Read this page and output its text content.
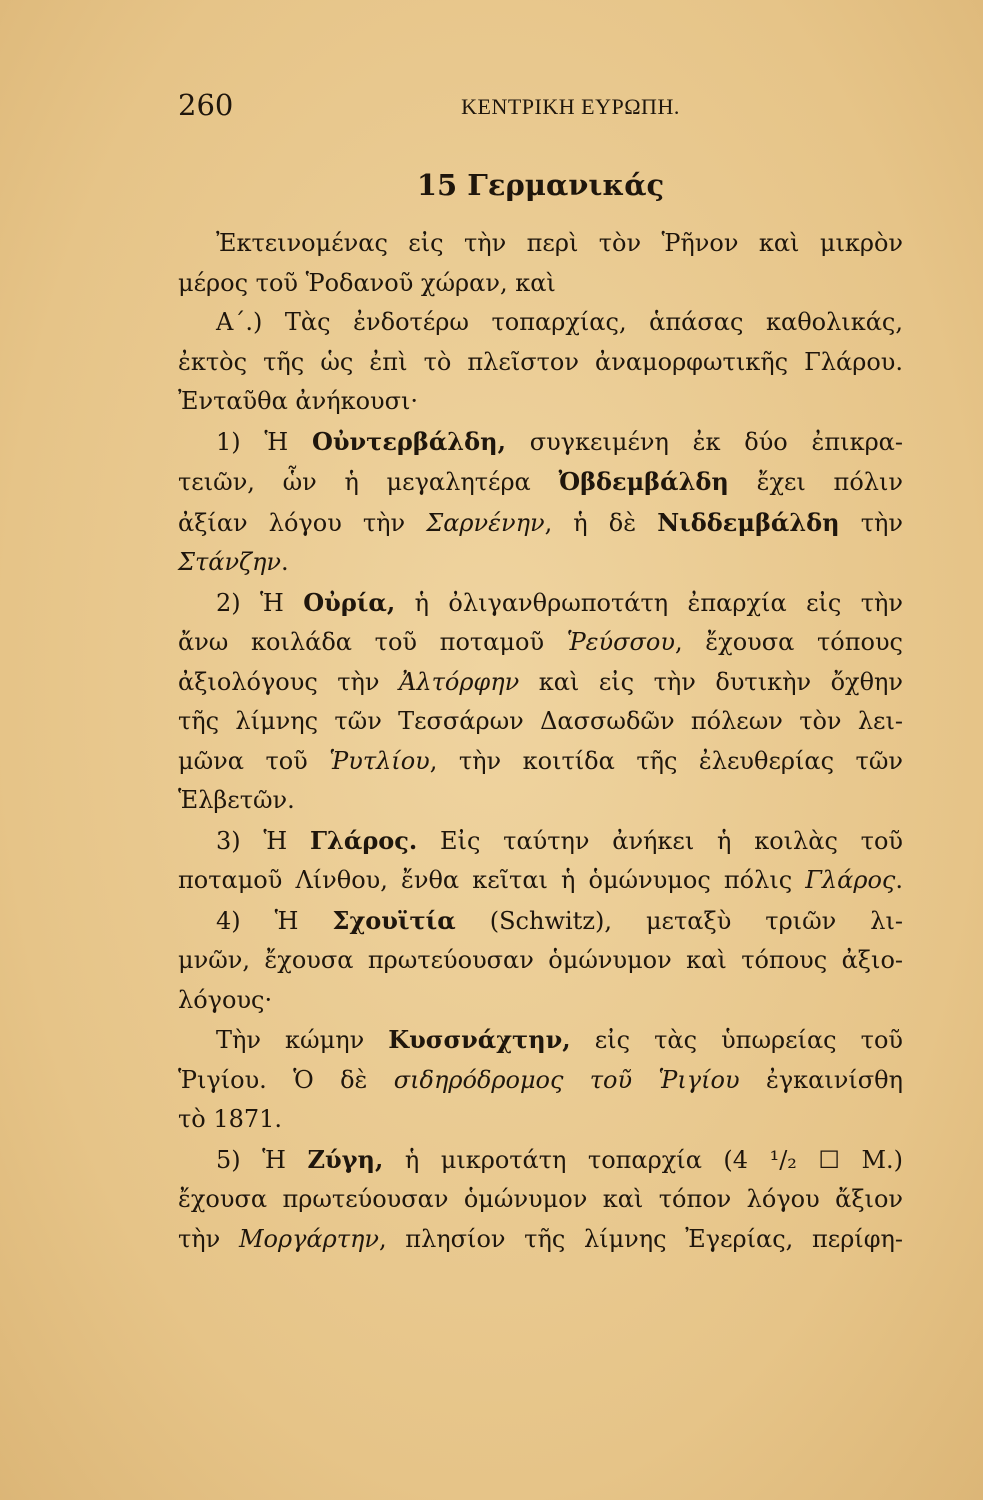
260	ΚΕΝΤΡΙΚΗ ΕΥΡΩΠΗ.
15 Γερμανικάς
Ἐκτεινομένας εἰς τὴν περὶ τὸν Ῥῆνον καὶ μικρὸν
μέρος τοῦ Ῥοδανοῦ χώραν, καὶ
Α΄.) Τὰς ἐνδοτέρω τοπαρχίας, ἁπάσας καθολικάς,
ἐκτὸς τῆς ὡς ἐπὶ τὸ πλεῖστον ἀναμορφωτικῆς Γλάρου.
Ἐνταῦθα ἀνήκουσι·
1) Ἡ Οὐντερβάλδη, συγκειμένη ἐκ δύο ἐπικρα-
τειῶν, ὧν ἡ μεγαλητέρα Ὀβδεμβάλδη ἔχει πόλιν
ἀξίαν λόγου τὴν Σαρνένην, ἡ δὲ Νιδδεμβάλδη τὴν
Στάνζην.
2) Ἡ Οὐρία, ἡ ὀλιγανθρωποτάτη ἐπαρχία εἰς τὴν
ἄνω κοιλάδα τοῦ ποταμοῦ Ῥεύσσου, ἔχουσα τόπους
ἀξιολόγους τὴν Ἀλτόρφην καὶ εἰς τὴν δυτικὴν ὄχθην
τῆς λίμνης τῶν Τεσσάρων Δασσωδῶν πόλεων τὸν λει-
μῶνα τοῦ Ῥυτλίου, τὴν κοιτίδα τῆς ἐλευθερίας τῶν
Ἑλβετῶν.
3) Ἡ Γλάρος. Εἰς ταύτην ἀνήκει ἡ κοιλὰς τοῦ
ποταμοῦ Λίνθου, ἔνθα κεῖται ἡ ὁμώνυμος πόλις Γλάρος.
4) Ἡ Σχουϊτία (Schwitz), μεταξὺ τριῶν λι-
μνῶν, ἔχουσα πρωτεύουσαν ὁμώνυμον καὶ τόπους ἀξιο-
λόγους·
Τὴν κώμην Κυσσνάχτην, εἰς τὰς ὑπωρείας τοῦ
Ῥιγίου. Ὁ δὲ σιδηρόδρομος τοῦ Ῥιγίου ἐγκαινίσθη
τὸ 1871.
5) Ἡ Ζύγη, ἡ μικροτάτη τοπαρχία (4 ¹/₂ ☐ Μ.)
ἔχουσα πρωτεύουσαν ὁμώνυμον καὶ τόπον λόγου ἄξιον
τὴν Μοργάρτην, πλησίον τῆς λίμνης Ἐγερίας, περίφη-
